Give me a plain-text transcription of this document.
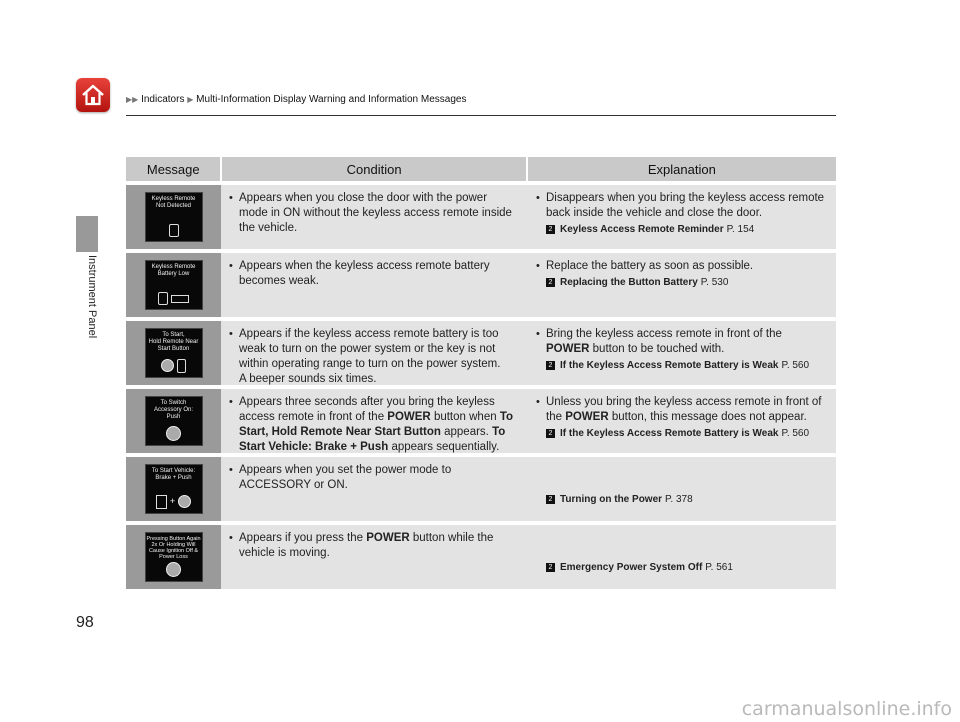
▶▶ Indicators ▶ Multi-Information Display Warning and Information Messages
Instrument Panel
Message	Condition	Explanation
Keyless Remote
Not Detected
• Appears when you close the door with the power mode in ON without the keyless access remote inside the vehicle.
• Disappears when you bring the keyless access remote back inside the vehicle and close the door.
2 Keyless Access Remote Reminder P. 154
Keyless Remote
Battery Low
• Appears when the keyless access remote battery becomes weak.
• Replace the battery as soon as possible.
2 Replacing the Button Battery P. 530
To Start,
Hold Remote Near
Start Button
• Appears if the keyless access remote battery is too weak to turn on the power system or the key is not within operating range to turn on the power system.
A beeper sounds six times.
• Bring the keyless access remote in front of the POWER button to be touched with.
2 If the Keyless Access Remote Battery is Weak P. 560
To Switch
Accessory On:
Push
• Appears three seconds after you bring the keyless access remote in front of the POWER button when To Start, Hold Remote Near Start Button appears. To Start Vehicle: Brake + Push appears sequentially.
• Unless you bring the keyless access remote in front of the POWER button, this message does not appear.
2 If the Keyless Access Remote Battery is Weak P. 560
To Start Vehicle:
Brake + Push
+
• Appears when you set the power mode to ACCESSORY or ON.
2 Turning on the Power P. 378
Pressing Button Again
2x Or Holding Will
Cause Ignition Off &
Power Loss
• Appears if you press the POWER button while the vehicle is moving.
2 Emergency Power System Off P. 561
98
carmanualsonline.info
